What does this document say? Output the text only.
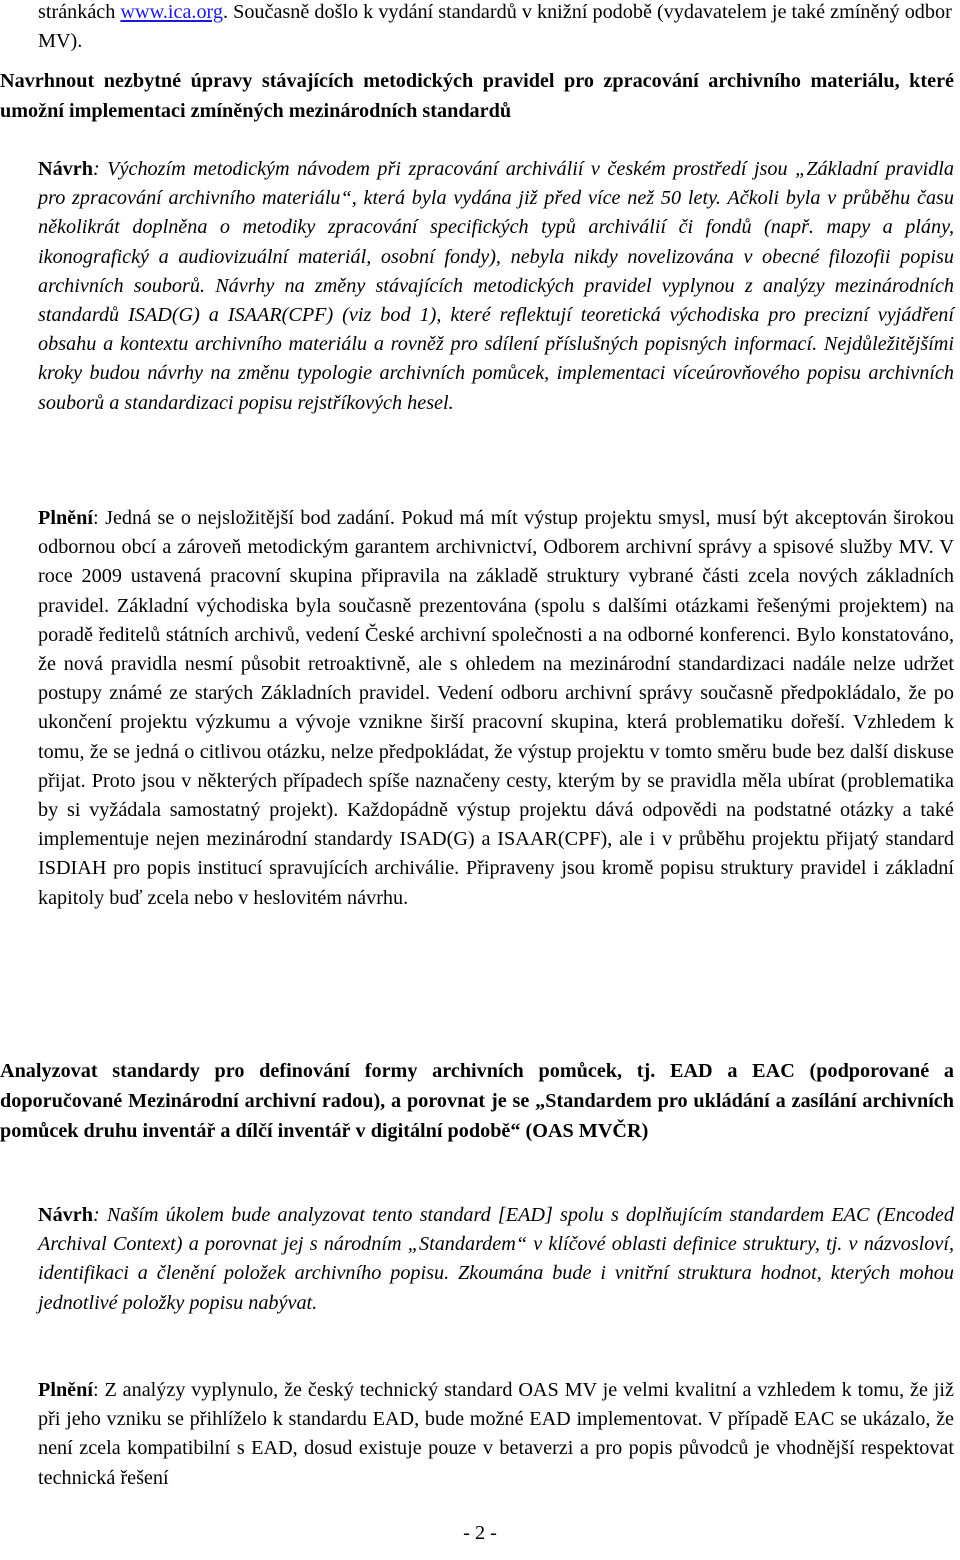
stránkách www.ica.org. Současně došlo k vydání standardů v knižní podobě (vydavatelem je také zmíněný odbor MV).

Navrhnout nezbytné úpravy stávajících metodických pravidel pro zpracování archivního materiálu, které umožní implementaci zmíněných mezinárodních standardů

Návrh: Výchozím metodickým návodem při zpracování archiválií v českém prostředí jsou „Základní pravidla pro zpracování archivního materiálu“, která byla vydána již před více než 50 lety. Ačkoli byla v průběhu času několikrát doplněna o metodiky zpracování specifických typů archiválií či fondů (např. mapy a plány, ikonografický a audiovizuální materiál, osobní fondy), nebyla nikdy novelizována v obecné filozofii popisu archivních souborů. Návrhy na změny stávajících metodických pravidel vyplynou z analýzy mezinárodních standardů ISAD(G) a ISAAR(CPF) (viz bod 1), které reflektují teoretická východiska pro precizní vyjádření obsahu a kontextu archivního materiálu a rovněž pro sdílení příslušných popisných informací. Nejdůležitějšími kroky budou návrhy na změnu typologie archivních pomůcek, implementaci víceúrovňového popisu archivních souborů a standardizaci popisu rejstříkových hesel.

Plnění: Jedná se o nejsložitější bod zadání. Pokud má mít výstup projektu smysl, musí být akceptován širokou odbornou obcí a zároveň metodickým garantem archivnictví, Odborem archivní správy a spisové služby MV. V roce 2009 ustavená pracovní skupina připravila na základě struktury vybrané části zcela nových základních pravidel. Základní východiska byla současně prezentována (spolu s dalšími otázkami řešenými projektem) na poradě ředitelů státních archivů, vedení České archivní společnosti a na odborné konferenci. Bylo konstatováno, že nová pravidla nesmí působit retroaktivně, ale s ohledem na mezinárodní standardizaci nadále nelze udržet postupy známé ze starých Základních pravidel. Vedení odboru archivní správy současně předpokládalo, že po ukončení projektu výzkumu a vývoje vznikne širší pracovní skupina, která problematiku dořeší. Vzhledem k tomu, že se jedná o citlivou otázku, nelze předpokládat, že výstup projektu v tomto směru bude bez další diskuse přijat. Proto jsou v některých případech spíše naznačeny cesty, kterým by se pravidla měla ubírat (problematika by si vyžádala samostatný projekt). Každopádně výstup projektu dává odpovědi na podstatné otázky a také implementuje nejen mezinárodní standardy ISAD(G) a ISAAR(CPF), ale i v průběhu projektu přijatý standard ISDIAH pro popis institucí spravujících archiválie. Připraveny jsou kromě popisu struktury pravidel i základní kapitoly buď zcela nebo v heslovitém návrhu.

Analyzovat standardy pro definování formy archivních pomůcek, tj. EAD a EAC (podporované a doporučované Mezinárodní archivní radou), a porovnat je se „Standardem pro ukládání a zasílání archivních pomůcek druhu inventář a dílčí inventář v digitální podobě“ (OAS MVČR)

Návrh: Naším úkolem bude analyzovat tento standard [EAD] spolu s doplňujícím standardem EAC (Encoded Archival Context) a porovnat jej s národním „Standardem“ v klíčové oblasti definice struktury, tj. v názvosloví, identifikaci a členění položek archivního popisu. Zkoumána bude i vnitřní struktura hodnot, kterých mohou jednotlivé položky popisu nabývat.

Plnění: Z analýzy vyplynulo, že český technický standard OAS MV je velmi kvalitní a vzhledem k tomu, že již při jeho vzniku se přihlíželo k standardu EAD, bude možné EAD implementovat. V případě EAC se ukázalo, že není zcela kompatibilní s EAD, dosud existuje pouze v betaverzi a pro popis původců je vhodnější respektovat technická řešení

- 2 -
